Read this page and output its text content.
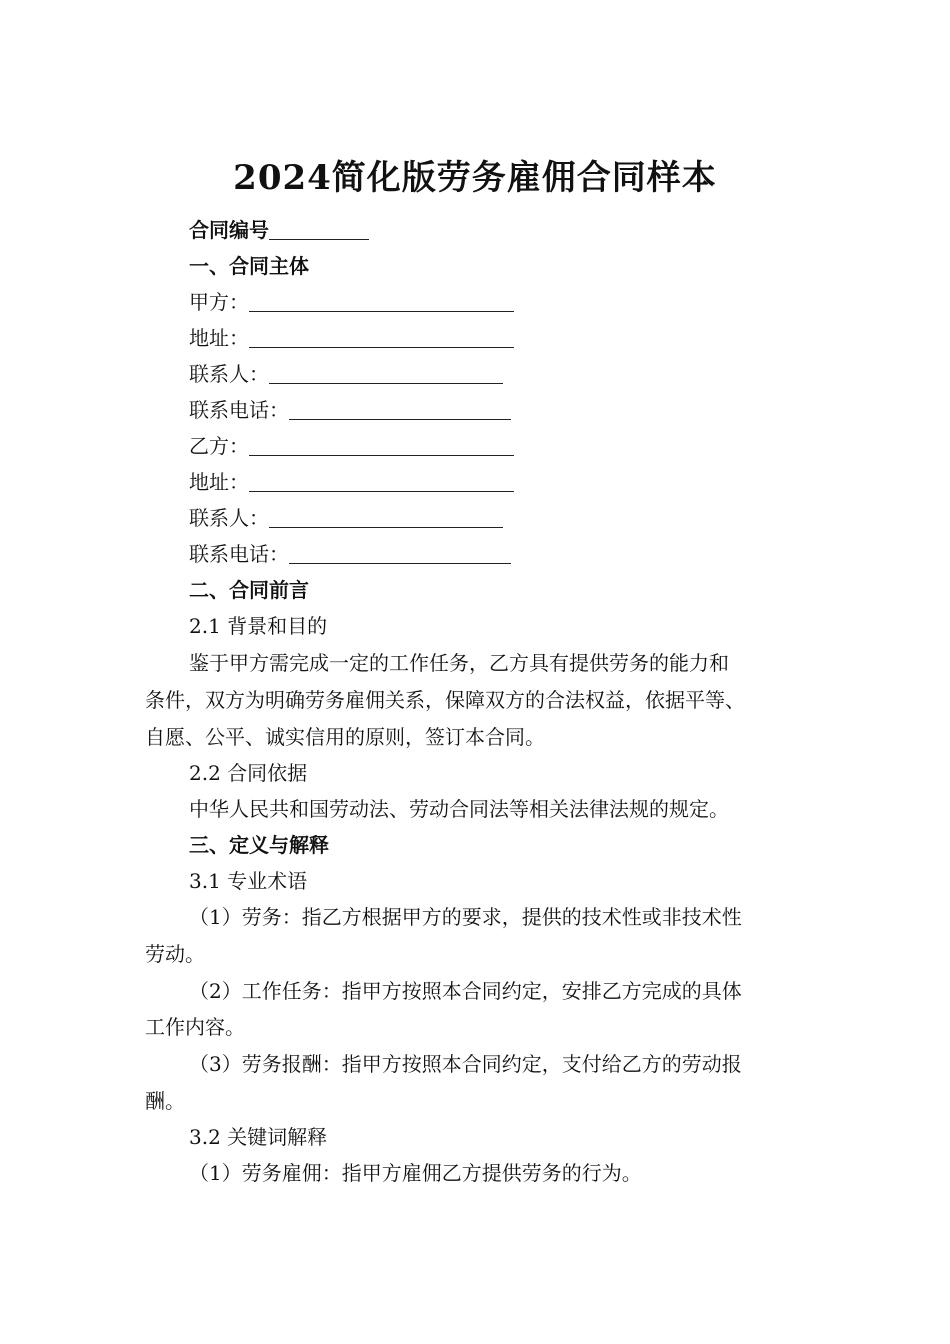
2024简化版劳务雇佣合同样本
合同编号
一、合同主体
甲方：
地址：
联系人：
联系电话：
乙方：
地址：
联系人：
联系电话：
二、合同前言
2.1 背景和目的
鉴于甲方需完成一定的工作任务，乙方具有提供劳务的能力和
条件，双方为明确劳务雇佣关系，保障双方的合法权益，依据平等、
自愿、公平、诚实信用的原则，签订本合同。
2.2 合同依据
中华人民共和国劳动法、劳动合同法等相关法律法规的规定。
三、定义与解释
3.1 专业术语
（1）劳务：指乙方根据甲方的要求，提供的技术性或非技术性
劳动。
（2）工作任务：指甲方按照本合同约定，安排乙方完成的具体
工作内容。
（3）劳务报酬：指甲方按照本合同约定，支付给乙方的劳动报
酬。
3.2 关键词解释
（1）劳务雇佣：指甲方雇佣乙方提供劳务的行为。
